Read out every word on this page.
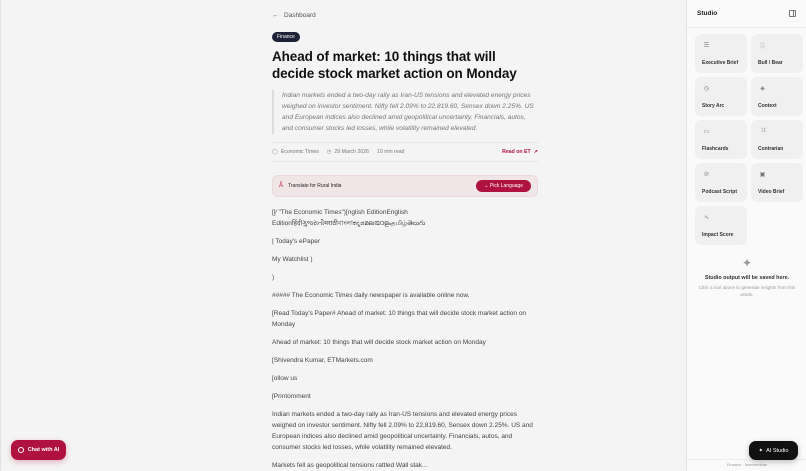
← Dashboard
Finance
Ahead of market: 10 things that will decide stock market action on Monday
Indian markets ended a two-day rally as Iran-US tensions and elevated energy prices weighed on investor sentiment. Nifty fell 2.09% to 22,819.60, Sensex down 2.25%. US and European indices also declined amid geopolitical uncertainty. Financials, autos, and consumer stocks led losses, while volatility remained elevated.
◯ Economic Times ◷ 29 March 2026 10 min read	Read on ET ↗
Å Translate for Rural India	⌄ Pick Language

[]∕ "The Economic Times")[nglish EditionEnglish Editionहिंदीગુજરાતીमराठीবাংলাಕನ್ನಡമലയാളംதமிழ்తెలుగు

| Today's ePaper

My Watchlist )

)

##### The Economic Times daily newspaper is available online now.

[Read Today's Paper# Ahead of market: 10 things that will decide stock market action on Monday

Ahead of market: 10 things that will decide stock market action on Monday

[Shivendra Kumar, ETMarkets.com

[ollow us

[Printomment

Indian markets ended a two-day rally as Iran-US tensions and elevated energy prices weighed on investor sentiment. Nifty fell 2.09% to 22,819.60, Sensex down 2.25%. US and European indices also declined amid geopolitical uncertainty. Financials, autos, and consumer stocks led losses, while volatility remained elevated.

Markets fell as geopolitical tensions rattled Wall stak...

Studio
☰
Executive Brief
░
Bull / Bear
◷
Story Arc
◈
Context
▭
Flashcards
⤨
Contrarian
℗
Podcast Script
▣
Video Brief
∿
Impact Score
✦
Studio output will be saved here.
Click a tool above to generate insights from this article.
Finance · Intermediate
✦ AI Studio
Chat with AI
